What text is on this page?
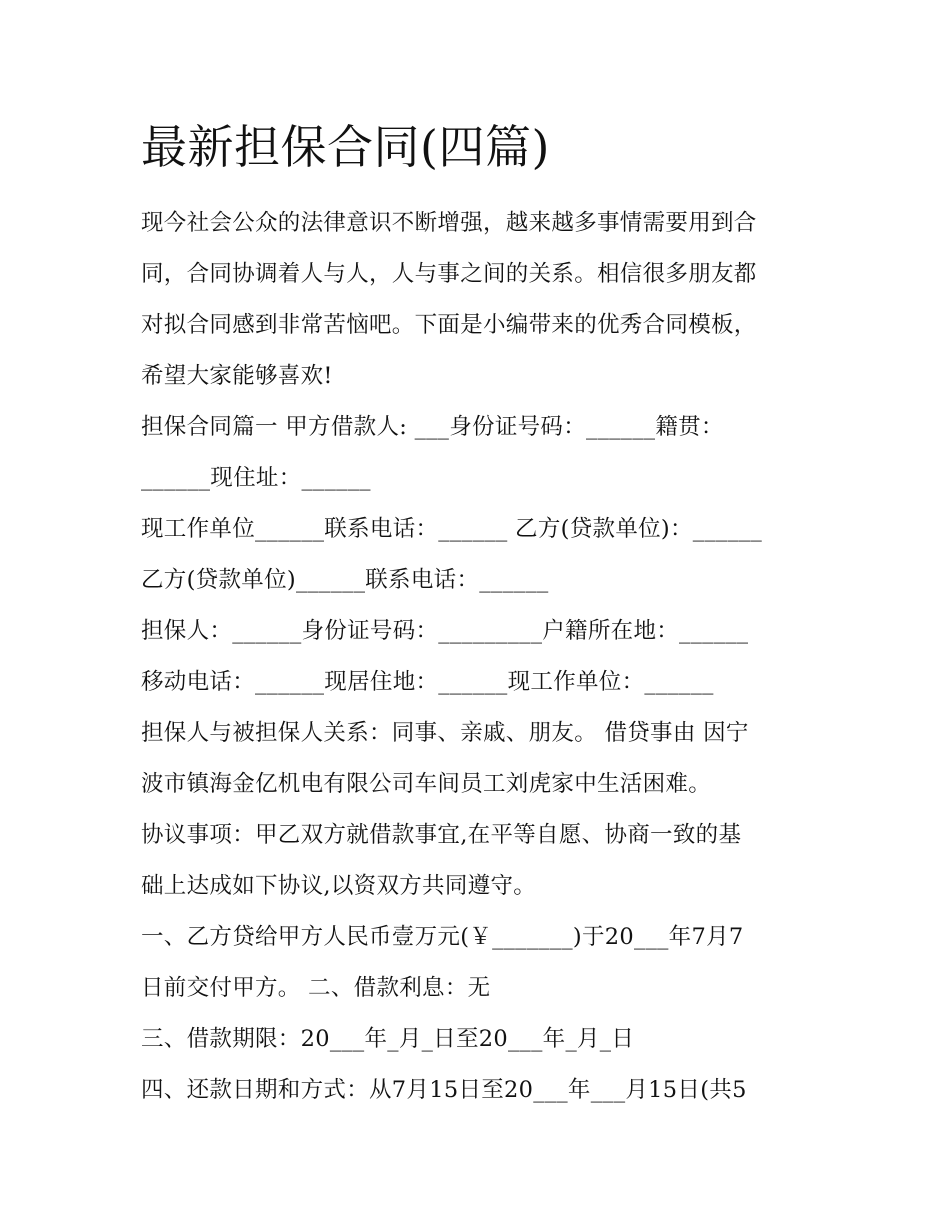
最新担保合同(四篇)
现今社会公众的法律意识不断增强，越来越多事情需要用到合
同，合同协调着人与人，人与事之间的关系。相信很多朋友都
对拟合同感到非常苦恼吧。下面是小编带来的优秀合同模板，
希望大家能够喜欢!
担保合同篇一 甲方借款人: ___身份证号码：______籍贯：
______现住址：______
现工作单位______联系电话：______ 乙方(贷款单位)：______
乙方(贷款单位)______联系电话：______
担保人：______身份证号码：_________户籍所在地：______
移动电话：______现居住地：______现工作单位：______
担保人与被担保人关系：同事、亲戚、朋友。 借贷事由 因宁
波市镇海金亿机电有限公司车间员工刘虎家中生活困难。
协议事项：甲乙双方就借款事宜,在平等自愿、协商一致的基
础上达成如下协议,以资双方共同遵守。
一、乙方贷给甲方人民币壹万元(￥_______)于20___年7月7
日前交付甲方。 二、借款利息：无
三、借款期限：20___年_月_日至20___年_月_日
四、还款日期和方式：从7月15日至20___年___月15日(共5
